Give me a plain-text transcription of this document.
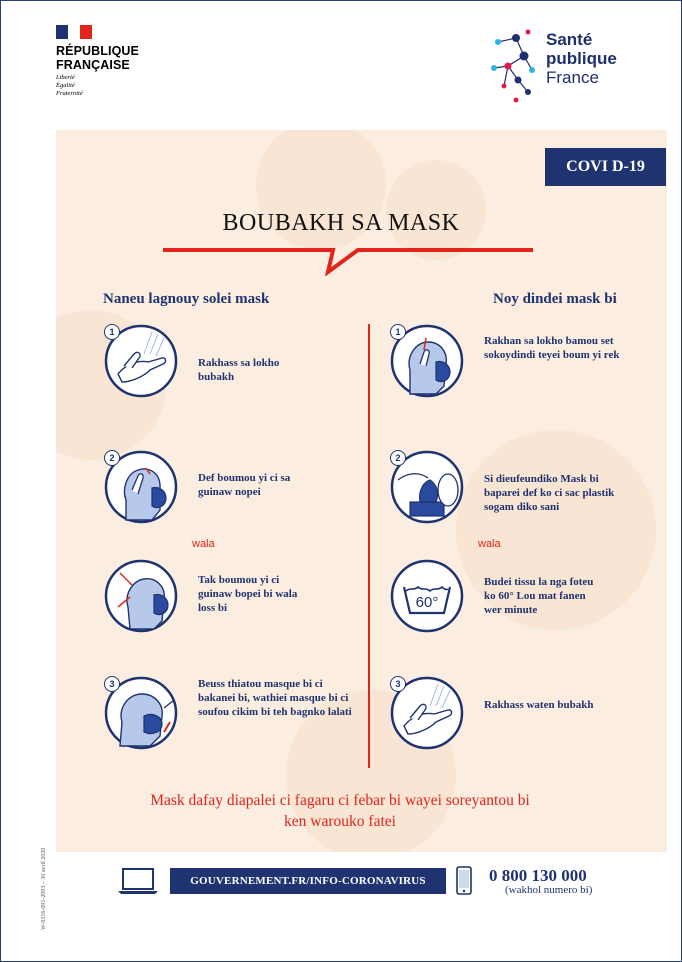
RÉPUBLIQUE
FRANÇAISE
Liberté
Égalité
Fraternité
Santé
publique
France
COVI D-19
BOUBAKH SA MASK
Naneu lagnouy solei mask	Noy dindei mask bi
1
Rakhass sa lokho bubakh
2
Def boumou yi ci sa guinaw nopei
wala
Tak boumou yi ci guinaw bopei bi wala loss bi
3	Beuss thiatou masque bi ci bakanei bi, wathiei masque bi ci soufou cikim bi teh bagnko lalati
1
Rakhan sa lokho bamou set sokoydindi teyei boum yi rek
2
Si dieufeundiko Mask bi baparei def ko ci sac plastik sogam diko sani
wala
60°
Budei tissu la nga foteu ko 60° Lou mat fanen wer minute
3
Rakhass waten bubakh
Mask dafay diapalei ci fagaru ci febar bi wayei soreyantou bi
ken warouko fatei
GOUVERNEMENT.FR/INFO-CORONAVIRUS	0 800 130 000
(wakhol numero bi)
W-0316-001-2003 – 30 avril 2020
